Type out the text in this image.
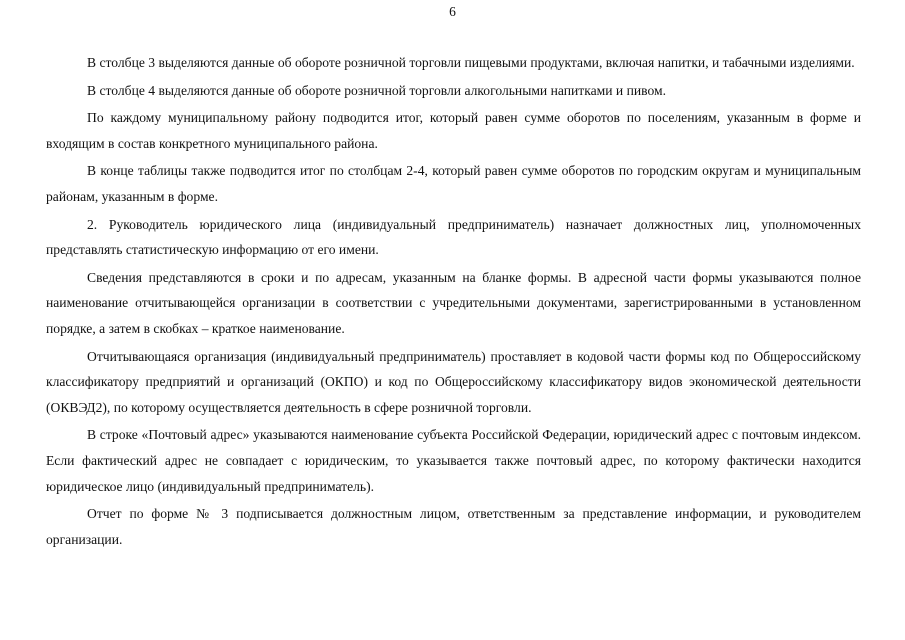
6

В столбце 3 выделяются данные об обороте розничной торговли пищевыми продуктами, включая напитки, и табачными изделиями.

В столбце 4 выделяются данные об обороте розничной торговли алкогольными напитками и пивом.

По каждому муниципальному району подводится итог, который равен сумме оборотов по поселениям, указанным в форме и входящим в состав конкретного муниципального района.

В конце таблицы также подводится итог по столбцам 2-4, который равен сумме оборотов по городским округам и муниципальным районам, указанным в форме.

2. Руководитель юридического лица (индивидуальный предприниматель) назначает должностных лиц, уполномоченных представлять статистическую информацию от его имени.

Сведения представляются в сроки и по адресам, указанным на бланке формы. В адресной части формы указываются полное наименование отчитывающейся организации в соответствии с учредительными документами, зарегистрированными в установленном порядке, а затем в скобках – краткое наименование.

Отчитывающаяся организация (индивидуальный предприниматель) проставляет в кодовой части формы код по Общероссийскому классификатору предприятий и организаций (ОКПО) и код по Общероссийскому классификатору видов экономической деятельности (ОКВЭД2), по которому осуществляется деятельность в сфере розничной торговли.

В строке «Почтовый адрес» указываются наименование субъекта Российской Федерации, юридический адрес с почтовым индексом. Если фактический адрес не совпадает с юридическим, то указывается также почтовый адрес, по которому фактически находится юридическое лицо (индивидуальный предприниматель).

Отчет по форме № 3 подписывается должностным лицом, ответственным за представление информации, и руководителем организации.
